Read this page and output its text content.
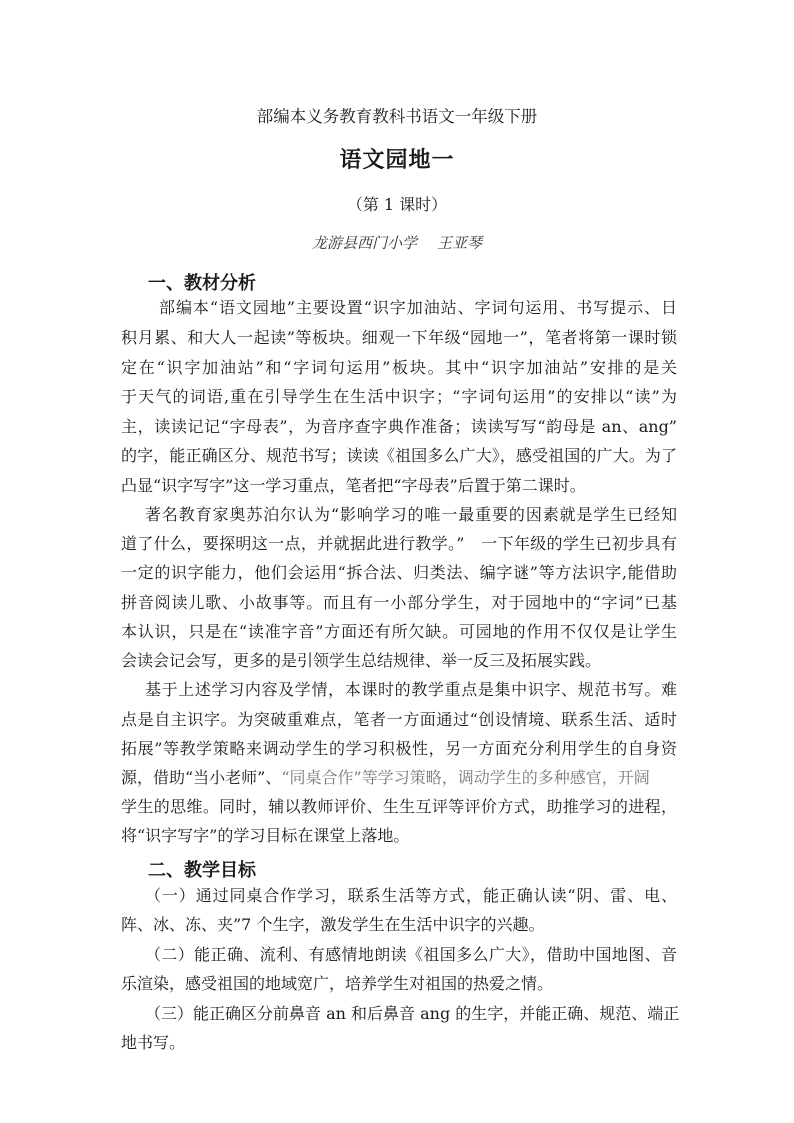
部编本义务教育教科书语文一年级下册
语文园地一
（第 1 课时）
龙游县西门小学 王亚琴
一、教材分析
部编本“语文园地”主要设置“识字加油站、字词句运用、书写提示、日
积月累、和大人一起读”等板块。细观一下年级“园地一”，笔者将第一课时锁
定在“识字加油站”和“字词句运用”板块。其中“识字加油站”安排的是关
于天气的词语,重在引导学生在生活中识字；“字词句运用”的安排以“读”为
主，读读记记“字母表”，为音序查字典作准备；读读写写“韵母是 an、ang”
的字，能正确区分、规范书写；读读《祖国多么广大》，感受祖国的广大。为了
凸显“识字写字”这一学习重点，笔者把“字母表”后置于第二课时。
著名教育家奥苏泊尔认为“影响学习的唯一最重要的因素就是学生已经知
道了什么，要探明这一点，并就据此进行教学。”　一下年级的学生已初步具有
一定的识字能力，他们会运用“拆合法、归类法、编字谜”等方法识字,能借助
拼音阅读儿歌、小故事等。而且有一小部分学生，对于园地中的“字词”已基
本认识，只是在“读准字音”方面还有所欠缺。可园地的作用不仅仅是让学生
会读会记会写，更多的是引领学生总结规律、举一反三及拓展实践。
基于上述学习内容及学情，本课时的教学重点是集中识字、规范书写。难
点是自主识字。为突破重难点，笔者一方面通过“创设情境、联系生活、适时
拓展”等教学策略来调动学生的学习积极性，另一方面充分利用学生的自身资
源，借助“当小老师”、“同桌合作”等学习策略，调动学生的多种感官，开阔
学生的思维。同时，辅以教师评价、生生互评等评价方式，助推学习的进程，
将“识字写字”的学习目标在课堂上落地。
二、教学目标
（一）通过同桌合作学习，联系生活等方式，能正确认读“阴、雷、电、
阵、冰、冻、夹”7 个生字，激发学生在生活中识字的兴趣。
（二）能正确、流利、有感情地朗读《祖国多么广大》，借助中国地图、音
乐渲染，感受祖国的地域宽广，培养学生对祖国的热爱之情。
（三）能正确区分前鼻音 an 和后鼻音 ang 的生字，并能正确、规范、端正
地书写。
